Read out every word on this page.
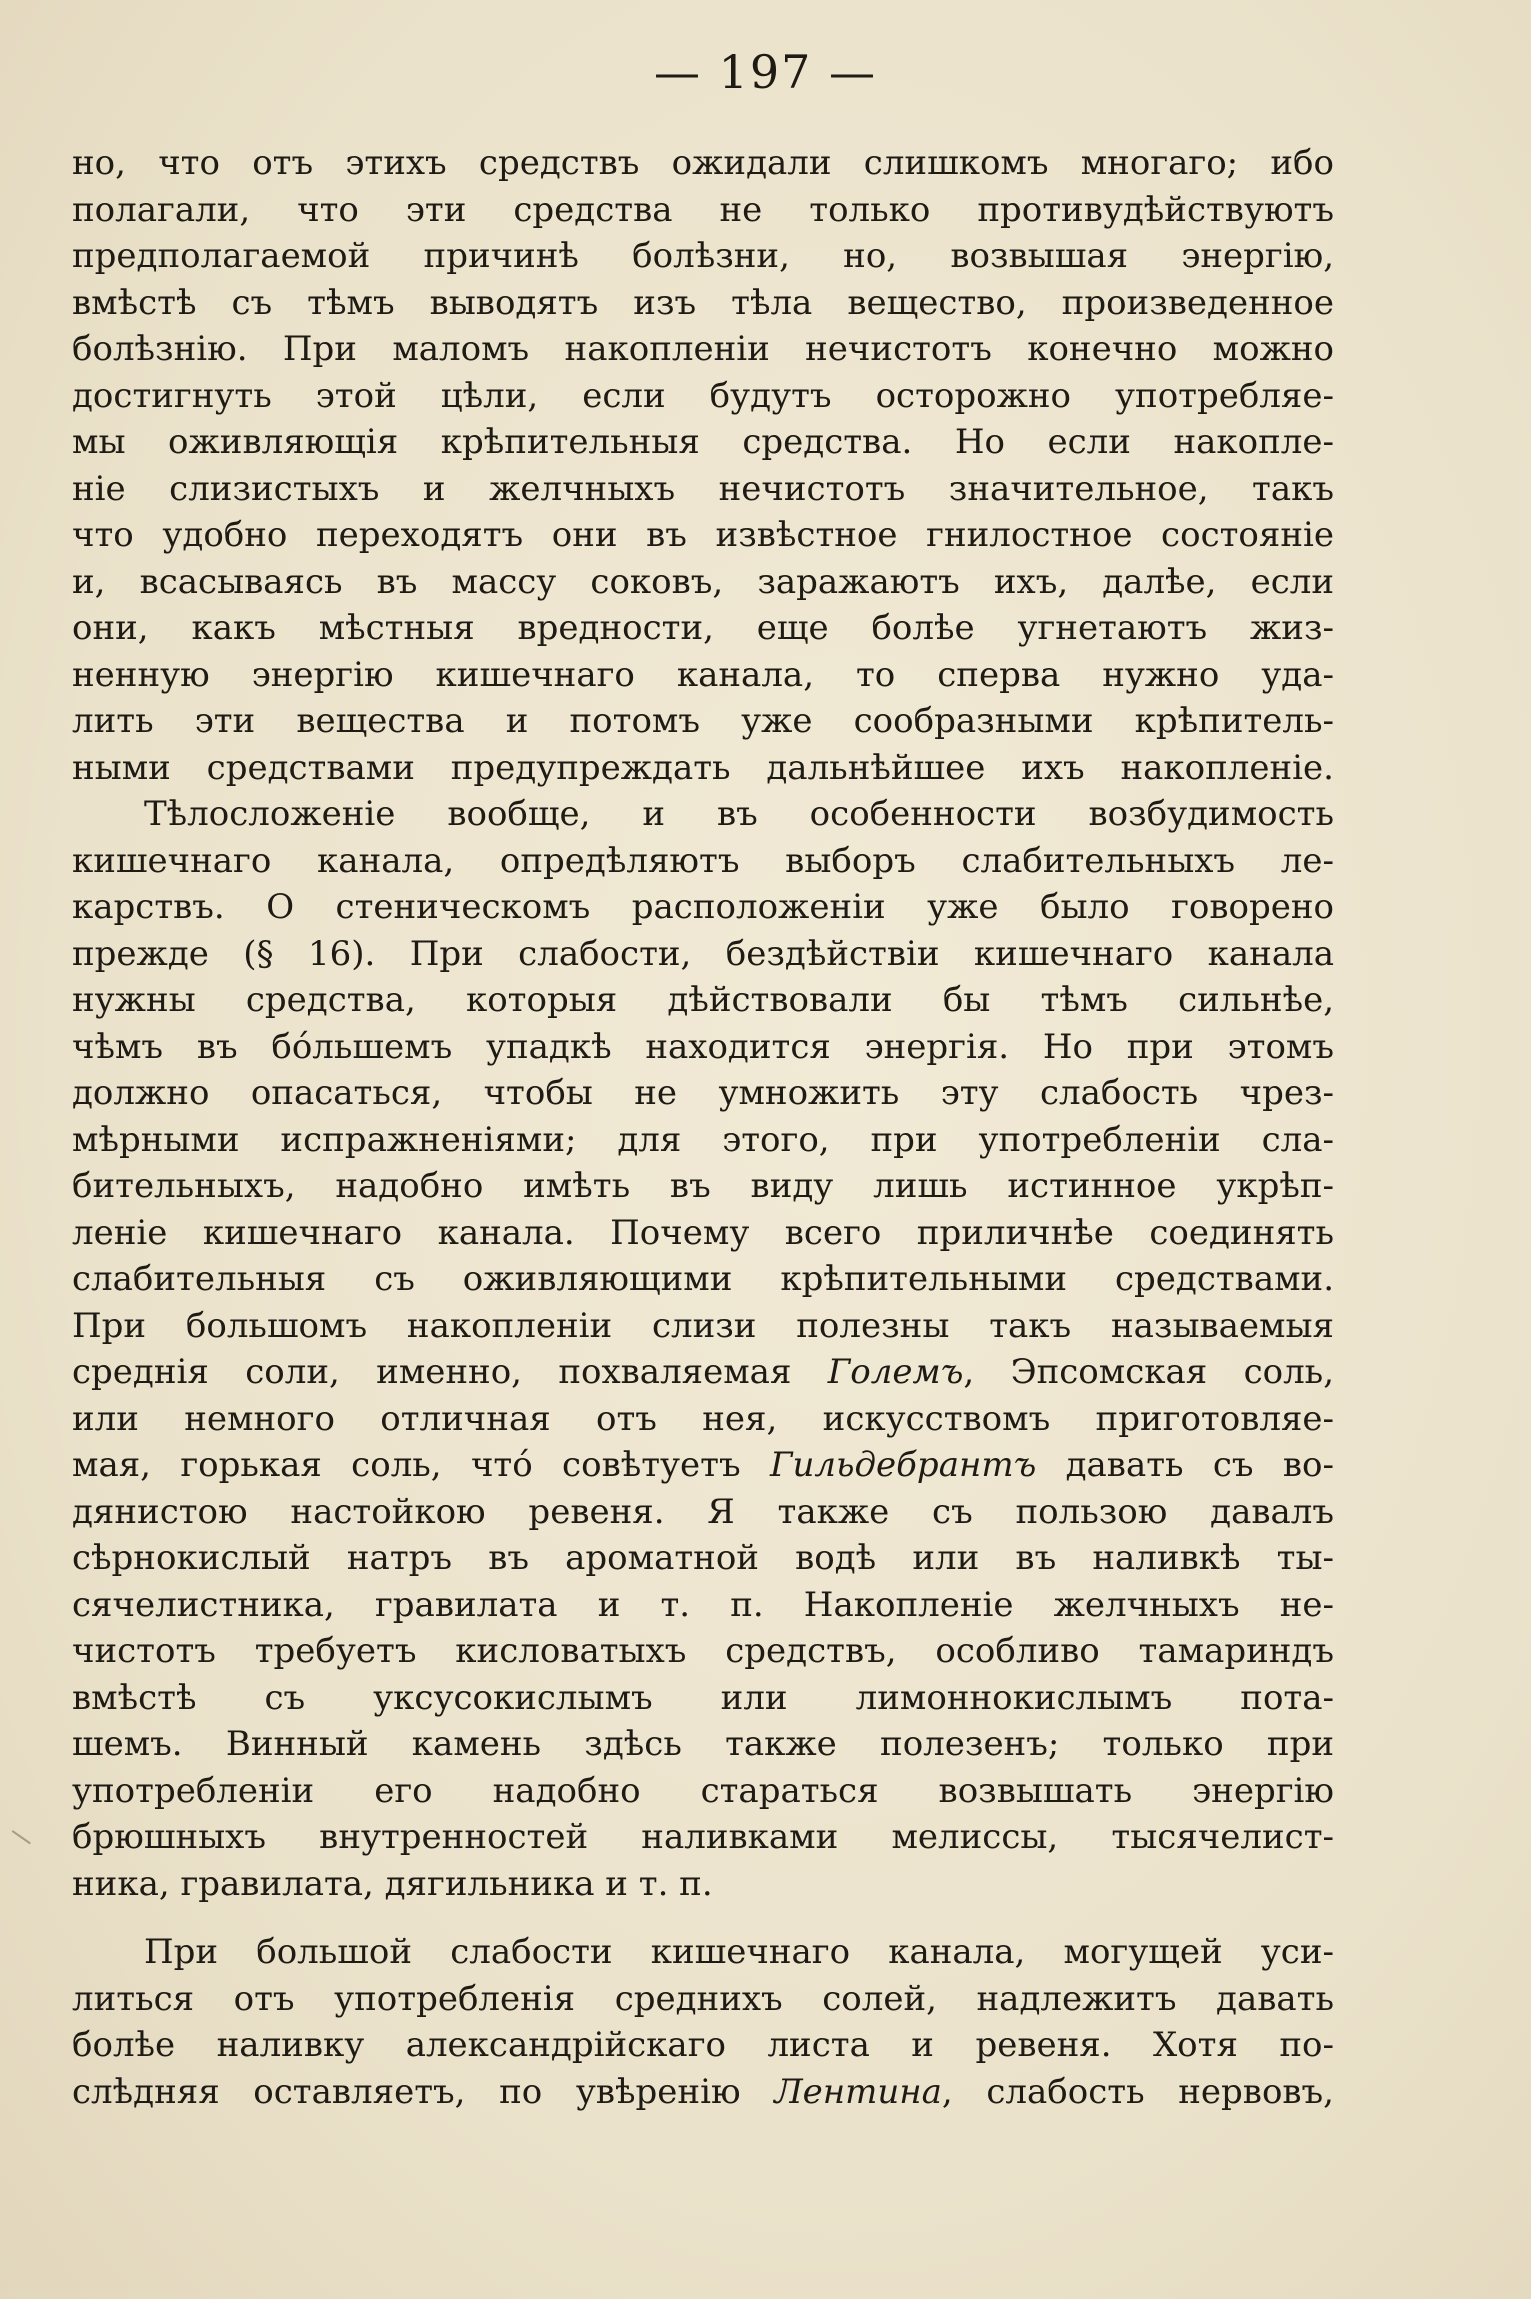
— 197 —
но, что отъ этихъ средствъ ожидали слишкомъ многаго; ибо
полагали, что эти средства не только противудѣйствуютъ
предполагаемой причинѣ болѣзни, но, возвышая энергію,
вмѣстѣ съ тѣмъ выводятъ изъ тѣла вещество, произведенное
болѣзнію. При маломъ накопленіи нечистотъ конечно можно
достигнуть этой цѣли, если будутъ осторожно употребляе-
мы оживляющія крѣпительныя средства. Но если накопле-
ніе слизистыхъ и желчныхъ нечистотъ значительное, такъ
что удобно переходятъ они въ извѣстное гнилостное состояніе
и, всасываясь въ массу соковъ, заражаютъ ихъ, далѣе, если
они, какъ мѣстныя вредности, еще болѣе угнетаютъ жиз-
ненную энергію кишечнаго канала, то сперва нужно уда-
лить эти вещества и потомъ уже сообразными крѣпитель-
ными средствами предупреждать дальнѣйшее ихъ накопленіе.
Тѣлосложеніе вообще, и въ особенности возбудимость
кишечнаго канала, опредѣляютъ выборъ слабительныхъ ле-
карствъ. О стеническомъ расположеніи уже было говорено
прежде (§ 16). При слабости, бездѣйствіи кишечнаго канала
нужны средства, которыя дѣйствовали бы тѣмъ сильнѣе,
чѣмъ въ бо́льшемъ упадкѣ находится энергія. Но при этомъ
должно опасаться, чтобы не умножить эту слабость чрез-
мѣрными испражненіями; для этого, при употребленіи сла-
бительныхъ, надобно имѣть въ виду лишь истинное укрѣп-
леніе кишечнаго канала. Почему всего приличнѣе соединять
слабительныя съ оживляющими крѣпительными средствами.
При большомъ накопленіи слизи полезны такъ называемыя
среднія соли, именно, похваляемая Големъ, Эпсомская соль,
или немного отличная отъ нея, искусствомъ приготовляе-
мая, горькая соль, что́ совѣтуетъ Гильдебрантъ давать съ во-
дянистою настойкою ревеня. Я также съ пользою давалъ
сѣрнокислый натръ въ ароматной водѣ или въ наливкѣ ты-
сячелистника, гравилата и т. п. Накопленіе желчныхъ не-
чистотъ требуетъ кисловатыхъ средствъ, особливо тамариндъ
вмѣстѣ съ уксусокислымъ или лимоннокислымъ пота-
шемъ. Винный камень здѣсь также полезенъ; только при
употребленіи его надобно стараться возвышать энергію
брюшныхъ внутренностей наливками мелиссы, тысячелист-
ника, гравилата, дягильника и т. п.
При большой слабости кишечнаго канала, могущей уси-
литься отъ употребленія среднихъ солей, надлежитъ давать
болѣе наливку александрійскаго листа и ревеня. Хотя по-
слѣдняя оставляетъ, по увѣренію Лентина, слабость нервовъ,
